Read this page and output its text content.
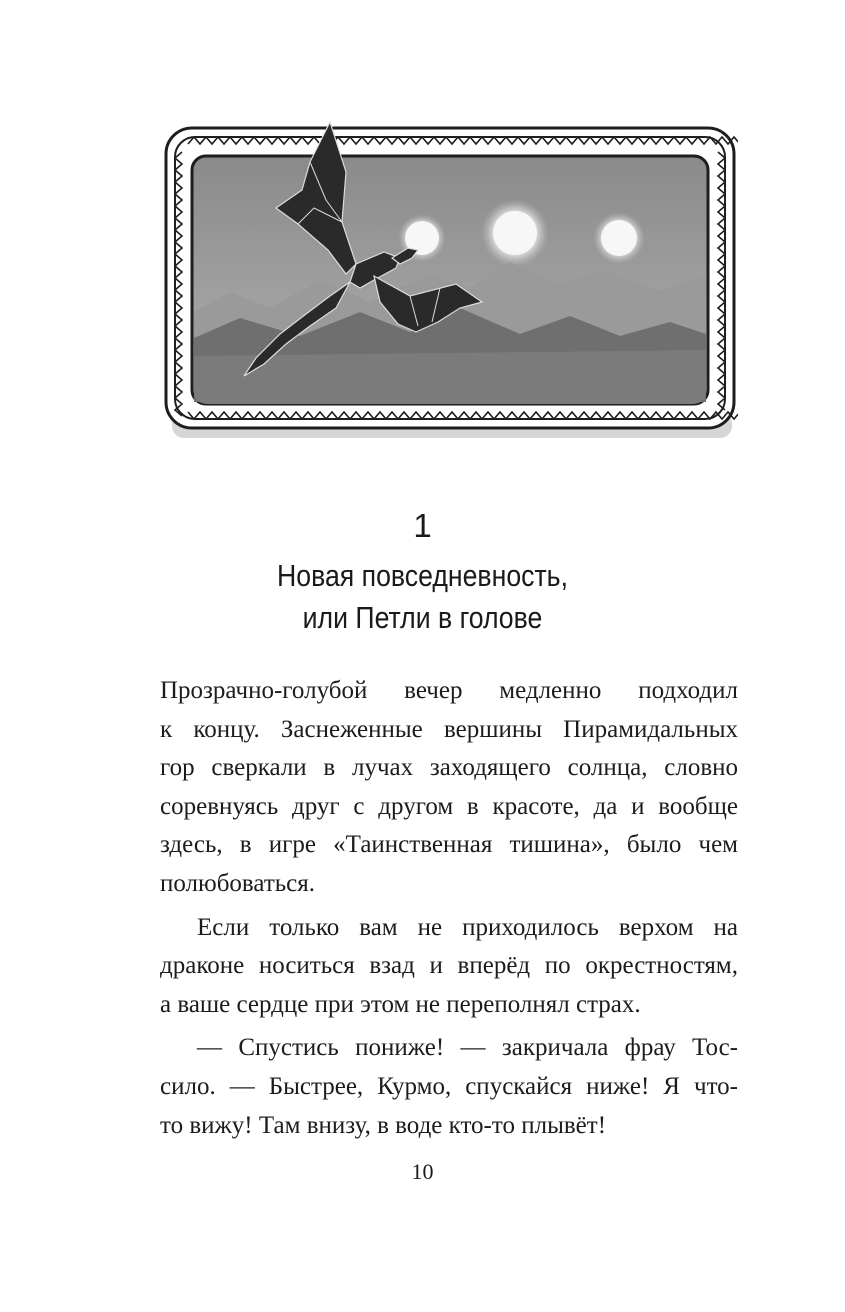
1
Новая повседневность,
или Петли в голове
Прозрачно-голубой вечер медленно подходил
к концу. Заснеженные вершины Пирамидальных
гор сверкали в лучах заходящего солнца, словно
соревнуясь друг с другом в красоте, да и вообще
здесь, в игре «Таинственная тишина», было чем
полюбоваться.
Если только вам не приходилось верхом на
драконе носиться взад и вперёд по окрестностям,
а ваше сердце при этом не переполнял страх.
— Спустись пониже! — закричала фрау Тос-
сило. — Быстрее, Курмо, спускайся ниже! Я что-
то вижу! Там внизу, в воде кто-то плывёт!
10
